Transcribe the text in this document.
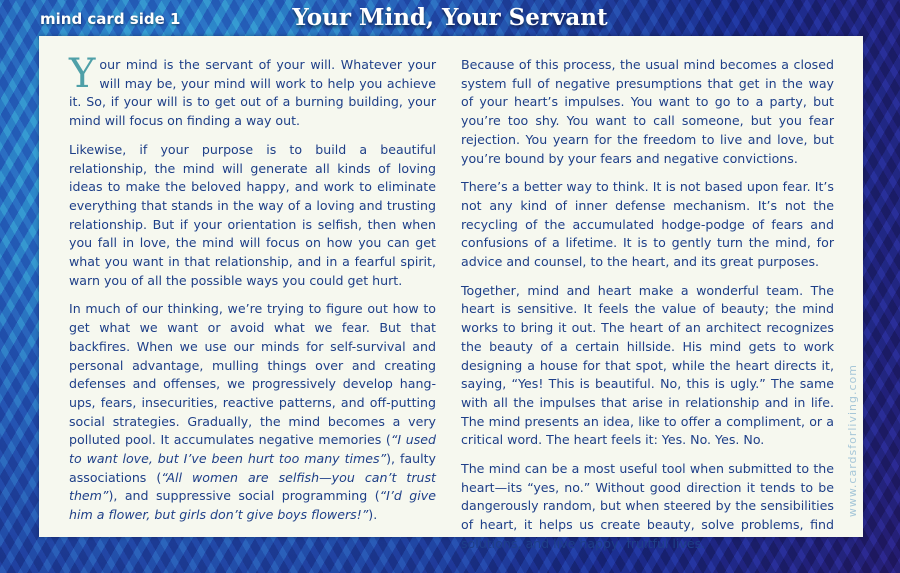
mind card side 1	Your Mind, Your Servant

Your mind is the servant of your will. Whatever your will may be, your mind will work to help you achieve it. So, if your will is to get out of a burning building, your mind will focus on finding a way out.

Likewise, if your purpose is to build a beautiful relationship, the mind will generate all kinds of loving ideas to make the beloved happy, and work to eliminate everything that stands in the way of a loving and trusting relationship. But if your orientation is selfish, then when you fall in love, the mind will focus on how you can get what you want in that relationship, and in a fearful spirit, warn you of all the possible ways you could get hurt.

In much of our thinking, we’re trying to figure out how to get what we want or avoid what we fear. But that backfires. When we use our minds for self-survival and personal advantage, mulling things over and creating defenses and offenses, we progressively develop hang-ups, fears, insecurities, reactive patterns, and off-putting social strategies. Gradually, the mind becomes a very polluted pool. It accumulates negative memories (“I used to want love, but I’ve been hurt too many times”), faulty associations (“All women are selfish—you can’t trust them”), and suppressive social programming (“I’d give him a flower, but girls don’t give boys flowers!”).

Because of this process, the usual mind becomes a closed system full of negative presumptions that get in the way of your heart’s impulses. You want to go to a party, but you’re too shy. You want to call someone, but you fear rejection. You yearn for the freedom to live and love, but you’re bound by your fears and negative convictions.

There’s a better way to think. It is not based upon fear. It’s not any kind of inner defense mechanism. It’s not the recycling of the accumulated hodge-podge of fears and confusions of a lifetime. It is to gently turn the mind, for advice and counsel, to the heart, and its great purposes.

Together, mind and heart make a wonderful team. The heart is sensitive. It feels the value of beauty; the mind works to bring it out. The heart of an architect recognizes the beauty of a certain hillside. His mind gets to work designing a house for that spot, while the heart directs it, saying, “Yes! This is beautiful. No, this is ugly.” The same with all the impulses that arise in relationship and in life. The mind presents an idea, like to offer a compliment, or a critical word. The heart feels it: Yes. No. Yes. No.

The mind can be a most useful tool when submitted to the heart—its “yes, no.” Without good direction it tends to be dangerously random, but when steered by the sensibilities of heart, it helps us create beauty, solve problems, find solutions, and live happy, fruitful lives.

www.cardsforliving.com
